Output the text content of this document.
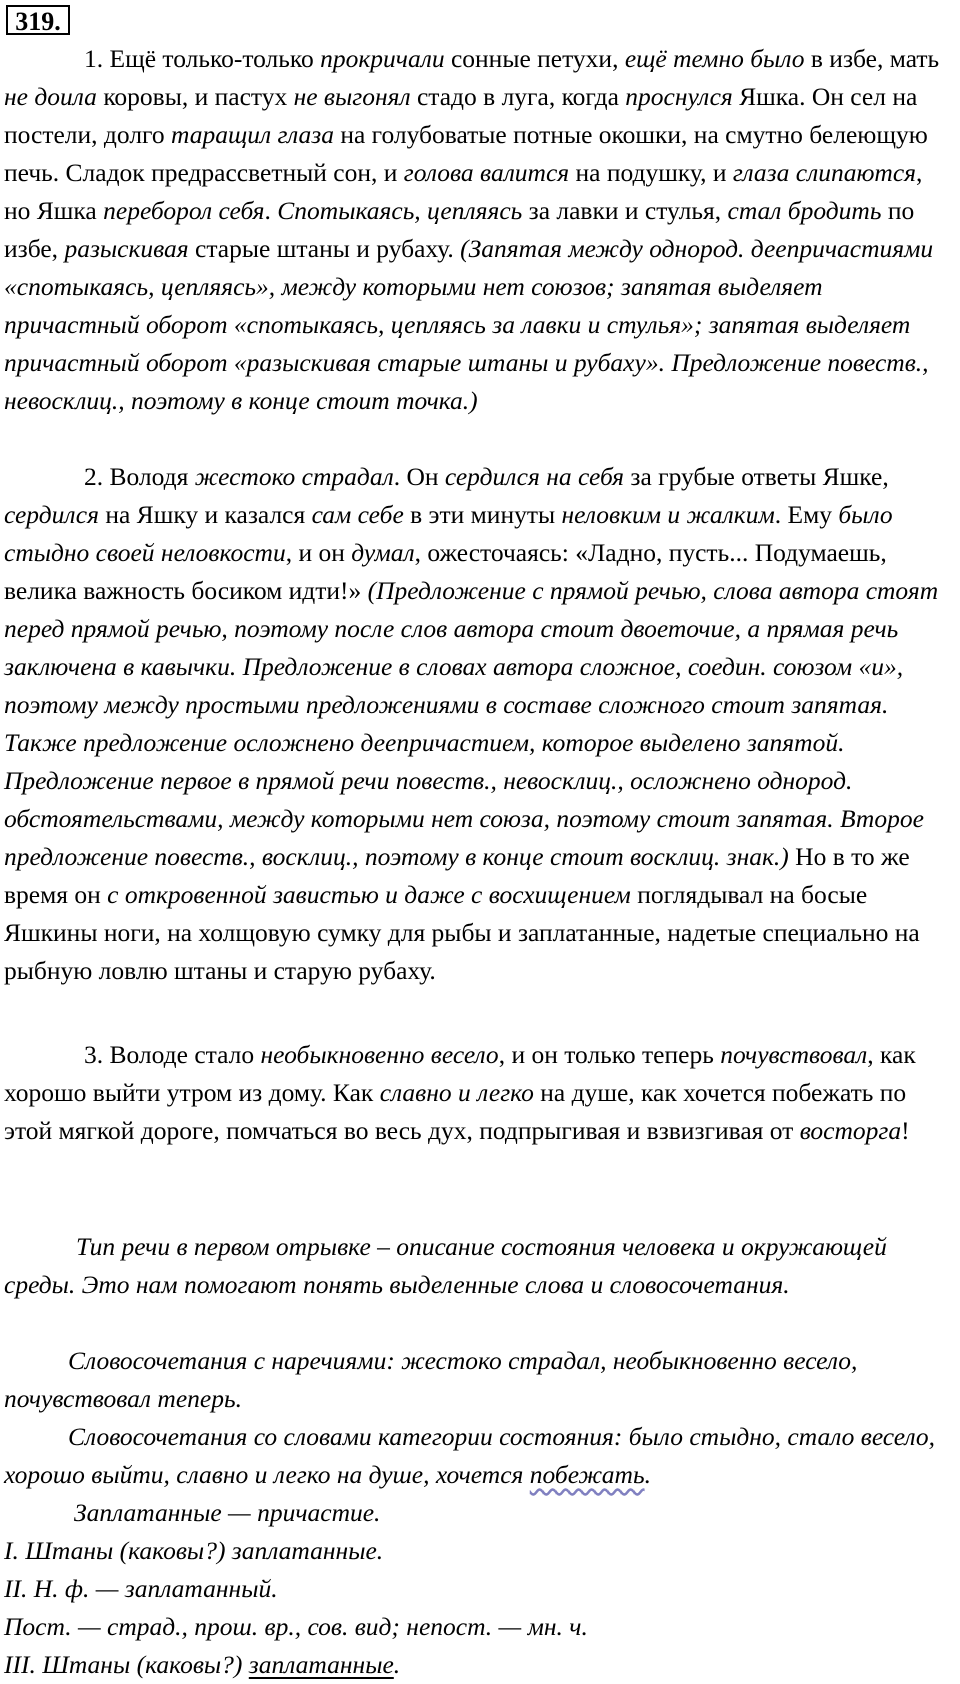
319.

1. Ещё только-только прокричали сонные петухи, ещё темно было в избе, мать не доила коровы, и пастух не выгонял стадо в луга, когда проснулся Яшка. Он сел на постели, долго таращил глаза на голубоватые потные окошки, на смутно белеющую печь. Сладок предрассветный сон, и голова валится на подушку, и глаза слипаются, но Яшка переборол себя. Спотыкаясь, цепляясь за лавки и стулья, стал бродить по избе, разыскивая старые штаны и рубаху. (Запятая между однород. деепричастиями «спотыкаясь, цепляясь», между которыми нет союзов; запятая выделяет причастный оборот «спотыкаясь, цепляясь за лавки и стулья»; запятая выделяет причастный оборот «разыскивая старые штаны и рубаху». Предложение повеств., невосклиц., поэтому в конце стоит точка.)

2. Володя жестоко страдал. Он сердился на себя за грубые ответы Яшке, сердился на Яшку и казался сам себе в эти минуты неловким и жалким. Ему было стыдно своей неловкости, и он думал, ожесточаясь: «Ладно, пусть... Подумаешь, велика важность босиком идти!» (Предложение с прямой речью, слова автора стоят перед прямой речью, поэтому после слов автора стоит двоеточие, а прямая речь заключена в кавычки. Предложение в словах автора сложное, соедин. союзом «и», поэтому между простыми предложениями в составе сложного стоит запятая. Также предложение осложнено деепричастием, которое выделено запятой. Предложение первое в прямой речи повеств., невосклиц., осложнено однород. обстоятельствами, между которыми нет союза, поэтому стоит запятая. Второе предложение повеств., восклиц., поэтому в конце стоит восклиц. знак.) Но в то же время он с откровенной завистью и даже с восхищением поглядывал на босые Яшкины ноги, на холщовую сумку для рыбы и заплатанные, надетые специально на рыбную ловлю штаны и старую рубаху.

3. Володе стало необыкновенно весело, и он только теперь почувствовал, как хорошо выйти утром из дому. Как славно и легко на душе, как хочется побежать по этой мягкой дороге, помчаться во весь дух, подпрыгивая и взвизгивая от восторга!

Тип речи в первом отрывке – описание состояния человека и окружающей среды. Это нам помогают понять выделенные слова и словосочетания.

Словосочетания с наречиями: жестоко страдал, необыкновенно весело, почувствовал теперь.

Словосочетания со словами категории состояния: было стыдно, стало весело, хорошо выйти, славно и легко на душе, хочется побежать.

Заплатанные — причастие.
I. Штаны (каковы?) заплатанные.
II. Н. ф. — заплатанный.
Пост. — страд., прош. вр., сов. вид; непост. — мн. ч.
III. Штаны (каковы?) заплатанные.
